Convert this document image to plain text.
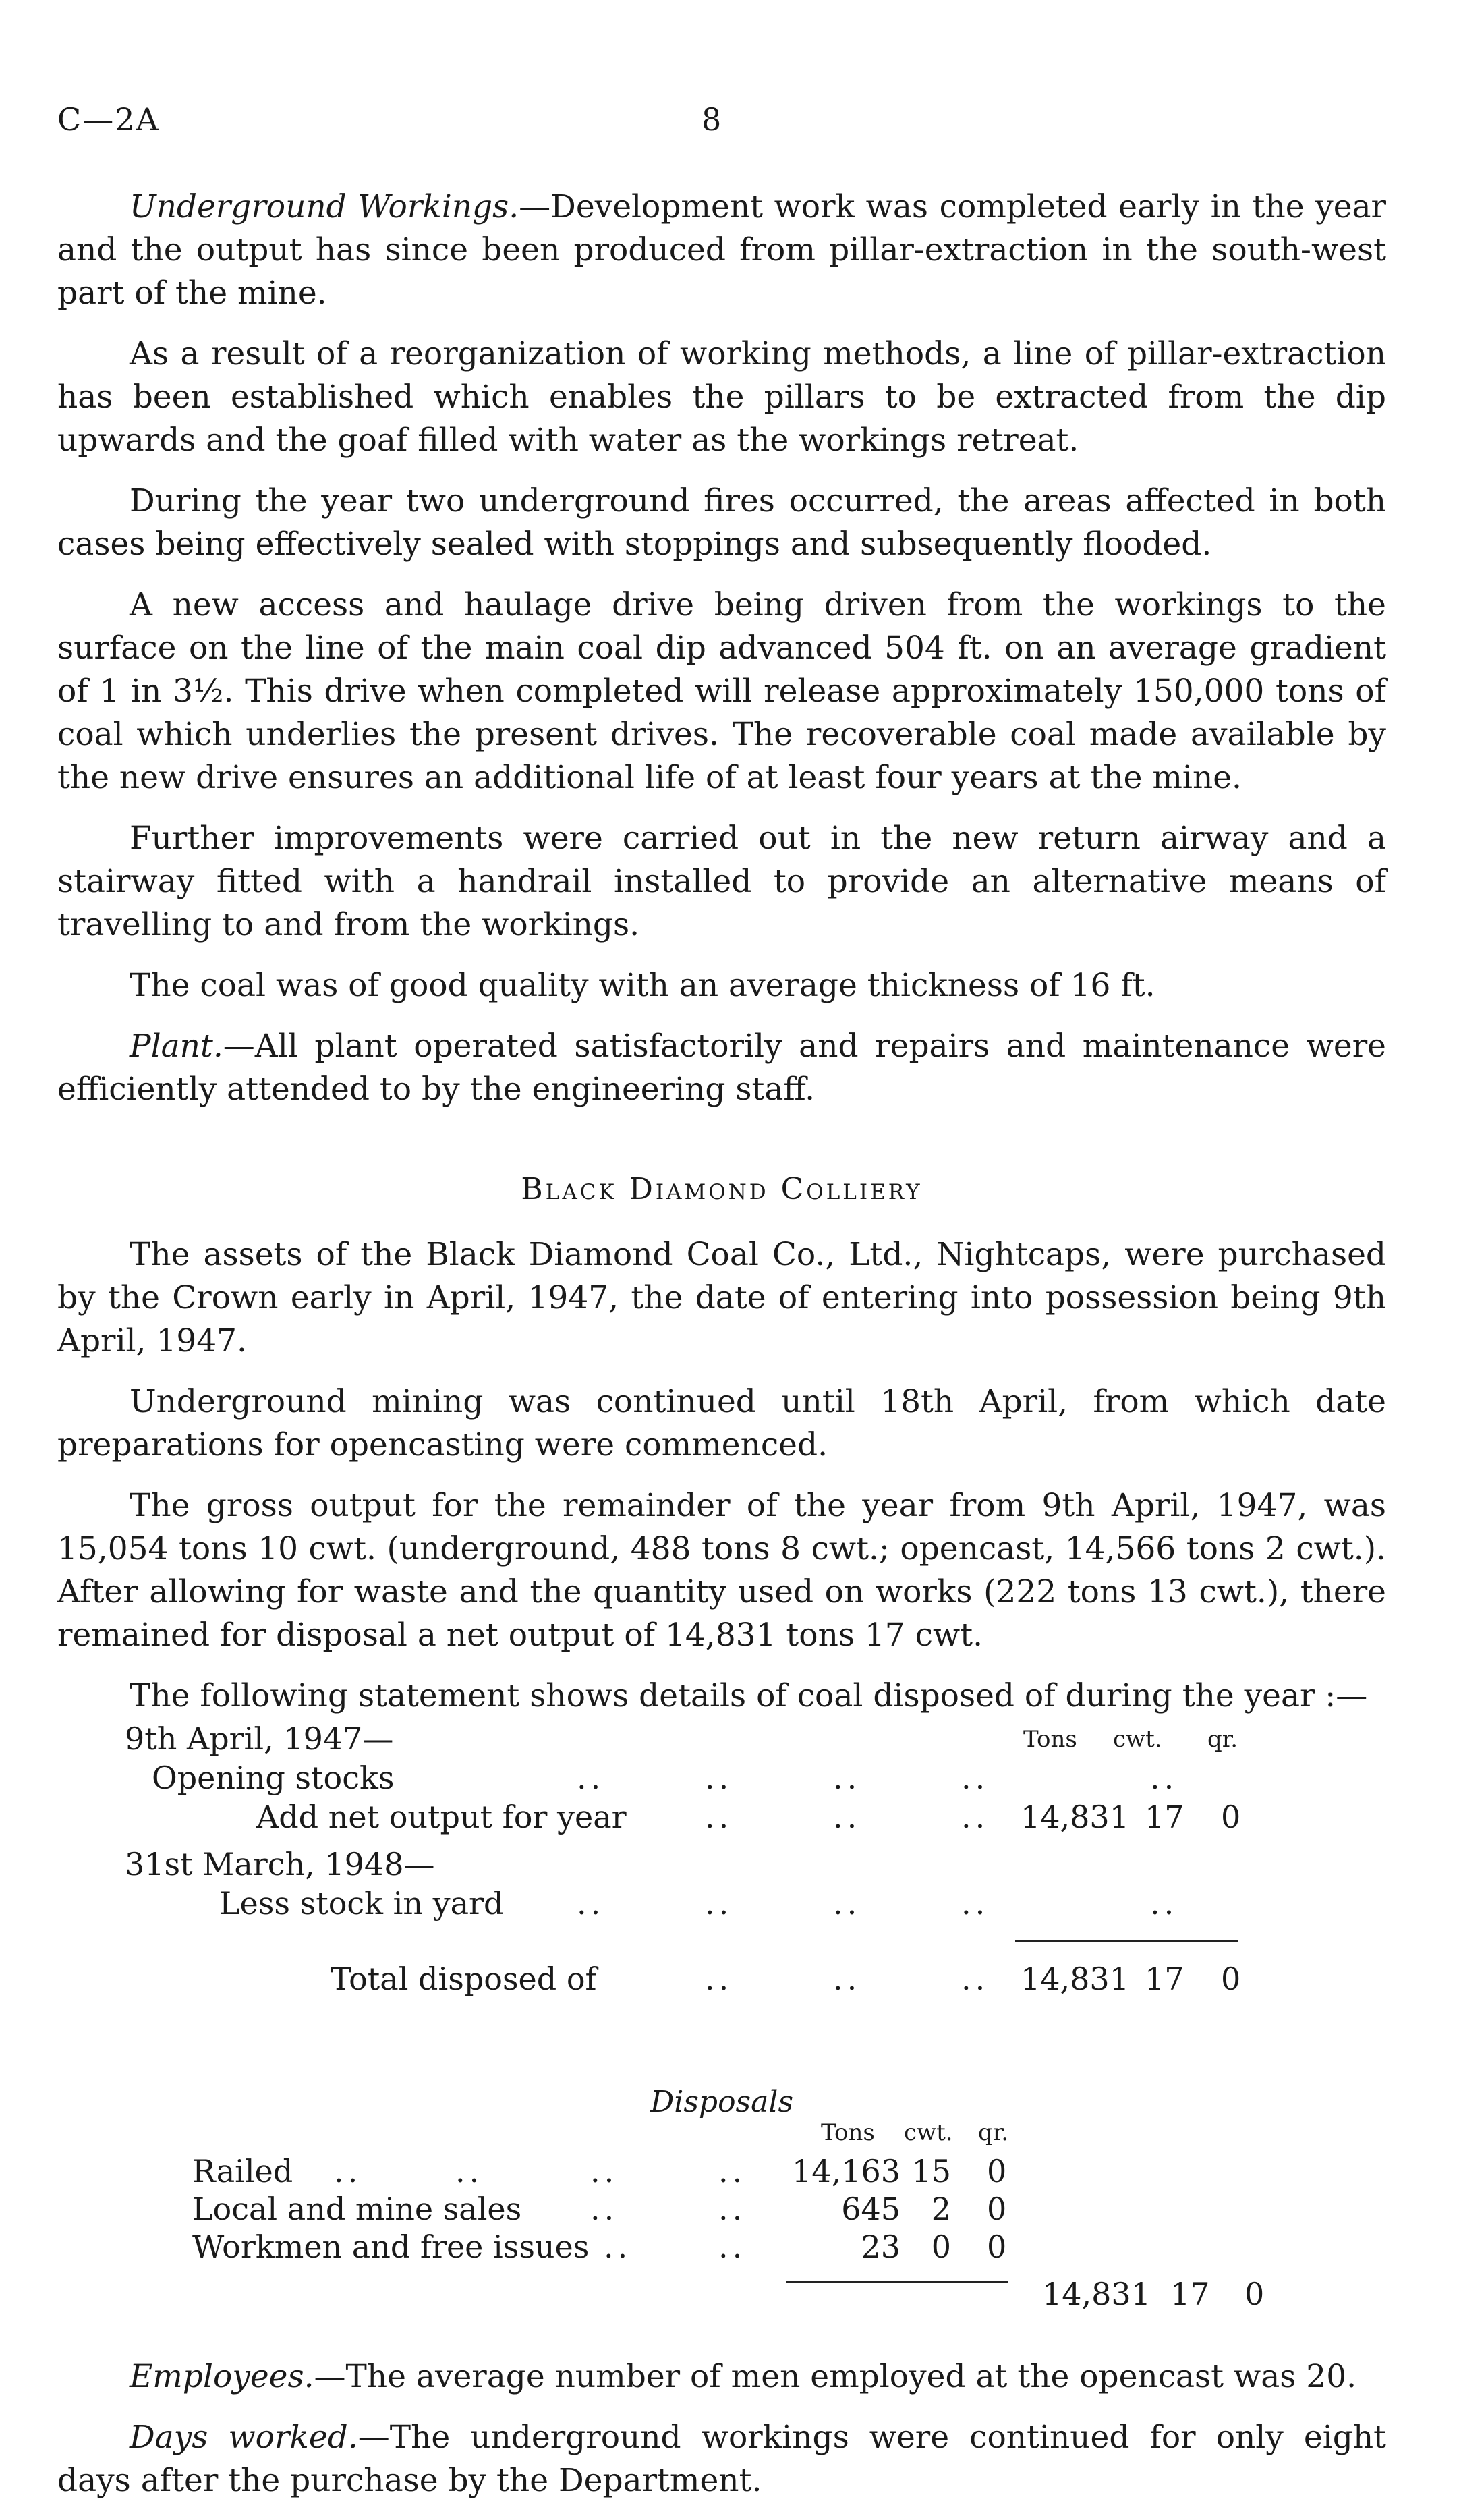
C—2A	8

Underground Workings.—Development work was completed early in the year and the output has since been produced from pillar-extraction in the south-west part of the mine.

As a result of a reorganization of working methods, a line of pillar-extraction has been established which enables the pillars to be extracted from the dip upwards and the goaf filled with water as the workings retreat.

During the year two underground fires occurred, the areas affected in both cases being effectively sealed with stoppings and subsequently flooded.

A new access and haulage drive being driven from the workings to the surface on the line of the main coal dip advanced 504 ft. on an average gradient of 1 in 3½. This drive when completed will release approximately 150,000 tons of coal which underlies the present drives. The recoverable coal made available by the new drive ensures an additional life of at least four years at the mine.

Further improvements were carried out in the new return airway and a stairway fitted with a handrail installed to provide an alternative means of travelling to and from the workings.

The coal was of good quality with an average thickness of 16 ft.

Plant.—All plant operated satisfactorily and repairs and maintenance were efficiently attended to by the engineering staff.

Black Diamond Colliery

The assets of the Black Diamond Coal Co., Ltd., Nightcaps, were purchased by the Crown early in April, 1947, the date of entering into possession being 9th April, 1947.

Underground mining was continued until 18th April, from which date preparations for opencasting were commenced.

The gross output for the remainder of the year from 9th April, 1947, was 15,054 tons 10 cwt. (underground, 488 tons 8 cwt.; opencast, 14,566 tons 2 cwt.). After allowing for waste and the quantity used on works (222 tons 13 cwt.), there remained for disposal a net output of 14,831 tons 17 cwt.

The following statement shows details of coal disposed of during the year :—

Tons cwt. qr.
9th April, 1947—
Opening stocks	..	..	..	..	..
Add net output for year	..	..	.. 14,831 17 0
31st March, 1948—
Less stock in yard ..	..	..	..	..
Total disposed of	..	..	.. 14,831 17 0
Disposals
Tons cwt. qr.
Railed ..	..	..	..	14,163 15 0
Local and mine sales ..	..	645 2 0
Workmen and free issues ..	..	23 0 0
14,831 17 0

Employees.—The average number of men employed at the opencast was 20.

Days worked.—The underground workings were continued for only eight days after the purchase by the Department.
